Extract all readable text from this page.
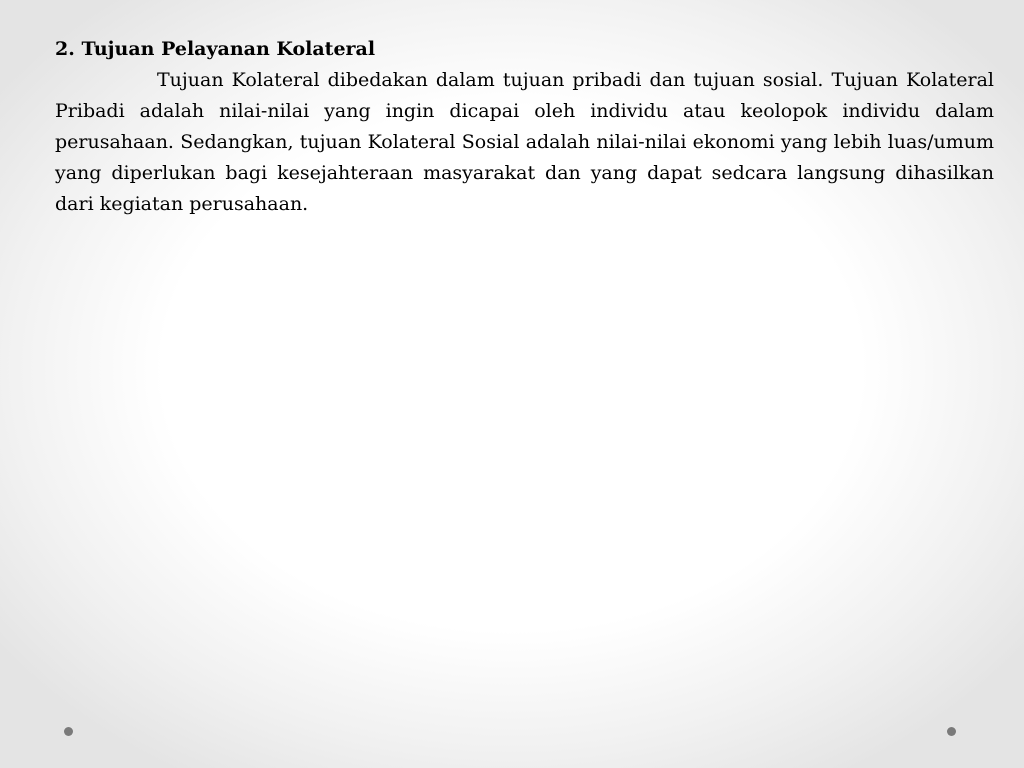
2. Tujuan Pelayanan Kolateral

Tujuan Kolateral dibedakan dalam tujuan pribadi dan tujuan sosial. Tujuan Kolateral Pribadi adalah nilai-nilai yang ingin dicapai oleh individu atau keolopok individu dalam perusahaan. Sedangkan, tujuan Kolateral Sosial adalah nilai-nilai ekonomi yang lebih luas/umum yang diperlukan bagi kesejahteraan masyarakat dan yang dapat sedcara langsung dihasilkan dari kegiatan perusahaan.
